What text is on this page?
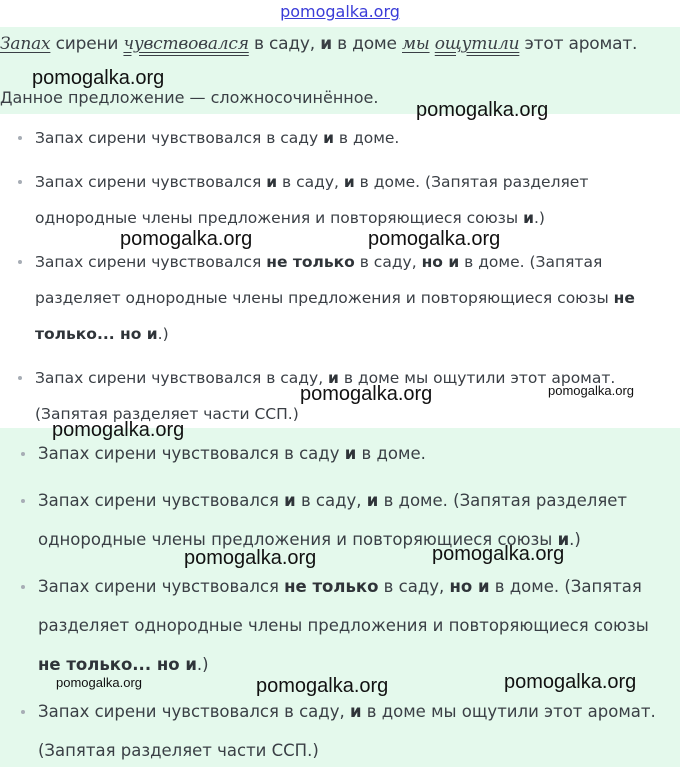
pomogalka.org
Запах сирени чувствовался в саду, и в доме мы ощутили этот аромат.
Данное предложение — сложносочинённое.
Запах сирени чувствовался в саду и в доме.
Запах сирени чувствовался и в саду, и в доме. (Запятая разделяет однородные члены предложения и повторяющиеся союзы и.)
Запах сирени чувствовался не только в саду, но и в доме. (Запятая разделяет однородные члены предложения и повторяющиеся союзы не только... но и.)
Запах сирени чувствовался в саду, и в доме мы ощутили этот аромат. (Запятая разделяет части ССП.)
Запах сирени чувствовался в саду и в доме.
Запах сирени чувствовался и в саду, и в доме. (Запятая разделяет однородные члены предложения и повторяющиеся союзы и.)
Запах сирени чувствовался не только в саду, но и в доме. (Запятая разделяет однородные члены предложения и повторяющиеся союзы не только... но и.)
Запах сирени чувствовался в саду, и в доме мы ощутили этот аромат. (Запятая разделяет части ССП.)
pomogalka.org
pomogalka.org
pomogalka.org	pomogalka.org
pomogalka.org	pomogalka.org
pomogalka.org
pomogalka.org	pomogalka.org
pomogalka.org	pomogalka.org	pomogalka.org
